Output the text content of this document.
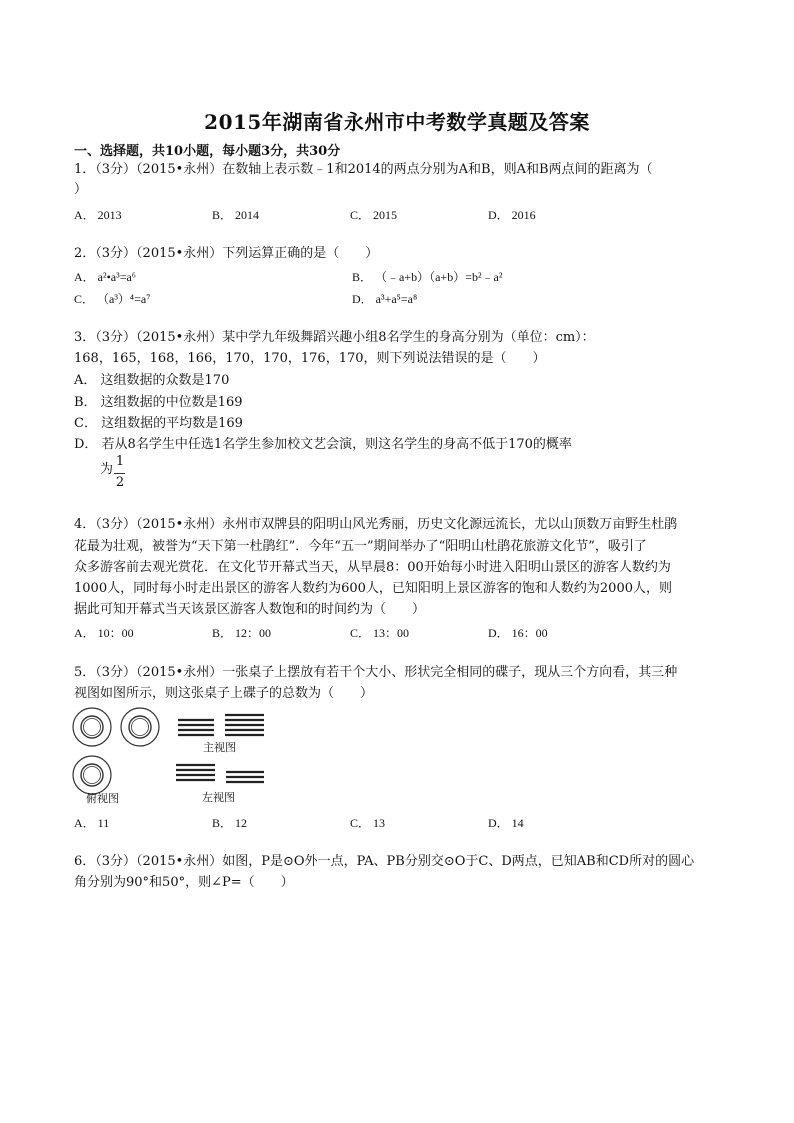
2015年湖南省永州市中考数学真题及答案
一、选择题，共10小题，每小题3分，共30分
1．（3分）（2015•永州）在数轴上表示数﹣1和2014的两点分别为A和B，则A和B两点间的距离为（
）
A． 2013	B． 2014	C． 2015	D． 2016
2．（3分）（2015•永州）下列运算正确的是（　　）
A． a²•a³=a⁶	B． （﹣a+b）（a+b）=b²﹣a²
C． （a³）⁴=a⁷	D． a³+a⁵=a⁸
3．（3分）（2015•永州）某中学九年级舞蹈兴趣小组8名学生的身高分别为（单位：cm）：
168，165，168，166，170，170，176，170，则下列说法错误的是（　　）
A． 这组数据的众数是170
B． 这组数据的中位数是169
C． 这组数据的平均数是169
D． 若从8名学生中任选1名学生参加校文艺会演，则这名学生的身高不低于170的概率
为
1
2
4．（3分）（2015•永州）永州市双牌县的阳明山风光秀丽，历史文化源远流长，尤以山顶数万亩野生杜鹃
花最为壮观，被誉为“天下第一杜鹃红”．今年“五一”期间举办了“阳明山杜鹃花旅游文化节”，吸引了
众多游客前去观光赏花．在文化节开幕式当天，从早晨8：00开始每小时进入阳明山景区的游客人数约为
1000人，同时每小时走出景区的游客人数约为600人，已知阳明上景区游客的饱和人数约为2000人，则
据此可知开幕式当天该景区游客人数饱和的时间约为（　　）
A． 10：00	B． 12：00	C． 13：00	D． 16：00
5．（3分）（2015•永州）一张桌子上摆放有若干个大小、形状完全相同的碟子，现从三个方向看，其三种
视图如图所示，则这张桌子上碟子的总数为（　　）
俯视图
主视图
左视图
A． 11	B． 12	C． 13	D． 14
6．（3分）（2015•永州）如图，P是⊙O外一点，PA、PB分别交⊙O于C、D两点，已知AB和CD所对的圆心
角分别为90°和50°，则∠P=（　　）
